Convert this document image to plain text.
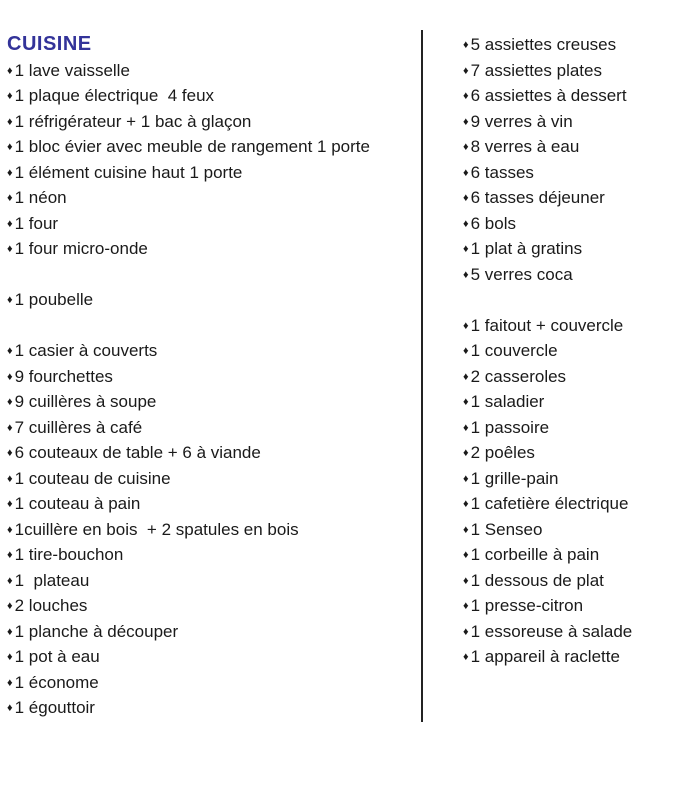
CUISINE
♦ 1 lave vaisselle
♦ 1 plaque électrique  4 feux
♦ 1 réfrigérateur + 1 bac à glaçon
♦ 1 bloc évier avec meuble de rangement 1 porte
♦ 1 élément cuisine haut 1 porte
♦ 1 néon
♦ 1 four
♦ 1 four micro-onde

♦ 1 poubelle

♦ 1 casier à couverts
♦ 9 fourchettes
♦ 9 cuillères à soupe
♦ 7 cuillères à café
♦ 6 couteaux de table + 6 à viande
♦ 1 couteau de cuisine
♦ 1 couteau à pain
♦ 1cuillère en bois  + 2 spatules en bois
♦ 1 tire-bouchon
♦ 1  plateau
♦ 2 louches
♦ 1 planche à découper
♦ 1 pot à eau
♦ 1 économe
♦ 1 égouttoir
♦ 5 assiettes creuses
♦ 7 assiettes plates
♦ 6 assiettes à dessert
♦ 9 verres à vin
♦ 8 verres à eau
♦ 6 tasses
♦ 6 tasses déjeuner
♦ 6 bols
♦ 1 plat à gratins
♦ 5 verres coca

♦ 1 faitout + couvercle
♦ 1 couvercle
♦ 2 casseroles
♦ 1 saladier
♦ 1 passoire
♦ 2 poêles
♦ 1 grille-pain
♦ 1 cafetière électrique
♦ 1 Senseo
♦ 1 corbeille à pain
♦ 1 dessous de plat
♦ 1 presse-citron
♦ 1 essoreuse à salade
♦ 1 appareil à raclette
